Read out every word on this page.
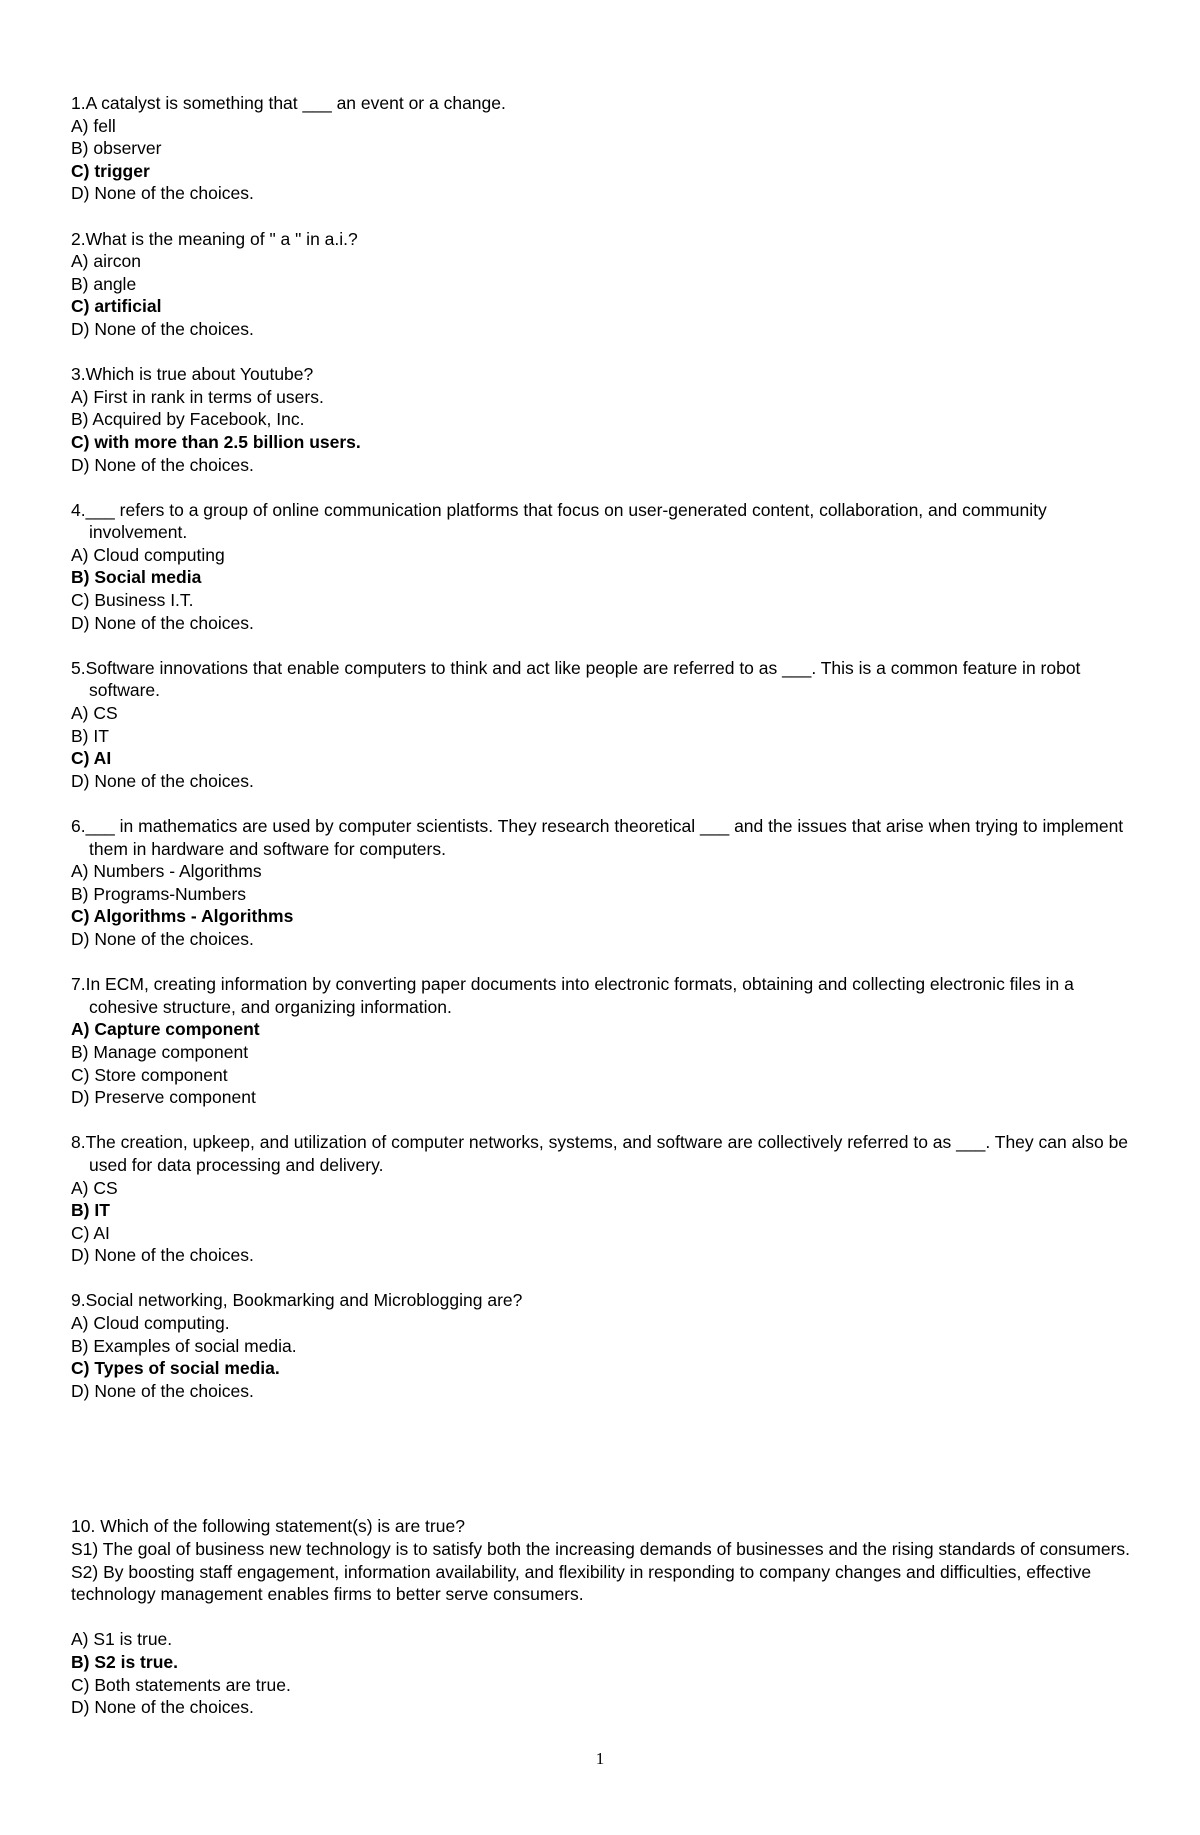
1.A catalyst is something that ___ an event or a change.
A) fell
B) observer
C) trigger
D) None of the choices.
2.What is the meaning of " a " in a.i.?
A) aircon
B) angle
C) artificial
D) None of the choices.
3.Which is true about Youtube?
A) First in rank in terms of users.
B) Acquired by Facebook, Inc.
C) with more than 2.5 billion users.
D) None of the choices.
4.___ refers to a group of online communication platforms that focus on user-generated content, collaboration, and community involvement.
A) Cloud computing
B) Social media
C) Business I.T.
D) None of the choices.
5.Software innovations that enable computers to think and act like people are referred to as ___. This is a common feature in robot software.
A) CS
B) IT
C) AI
D) None of the choices.
6.___ in mathematics are used by computer scientists. They research theoretical ___ and the issues that arise when trying to implement them in hardware and software for computers.
A) Numbers - Algorithms
B) Programs-Numbers
C) Algorithms - Algorithms
D) None of the choices.
7.In ECM, creating information by converting paper documents into electronic formats, obtaining and collecting electronic files in a cohesive structure, and organizing information.
A) Capture component
B) Manage component
C) Store component
D) Preserve component
8.The creation, upkeep, and utilization of computer networks, systems, and software are collectively referred to as ___. They can also be used for data processing and delivery.
A) CS
B) IT
C) AI
D) None of the choices.
9.Social networking, Bookmarking and Microblogging are?
A) Cloud computing.
B) Examples of social media.
C) Types of social media.
D) None of the choices.
10. Which of the following statement(s) is are true?
S1) The goal of business new technology is to satisfy both the increasing demands of businesses and the rising standards of consumers.
S2) By boosting staff engagement, information availability, and flexibility in responding to company changes and difficulties, effective technology management enables firms to better serve consumers.
A) S1 is true.
B) S2 is true.
C) Both statements are true.
D) None of the choices.
1
